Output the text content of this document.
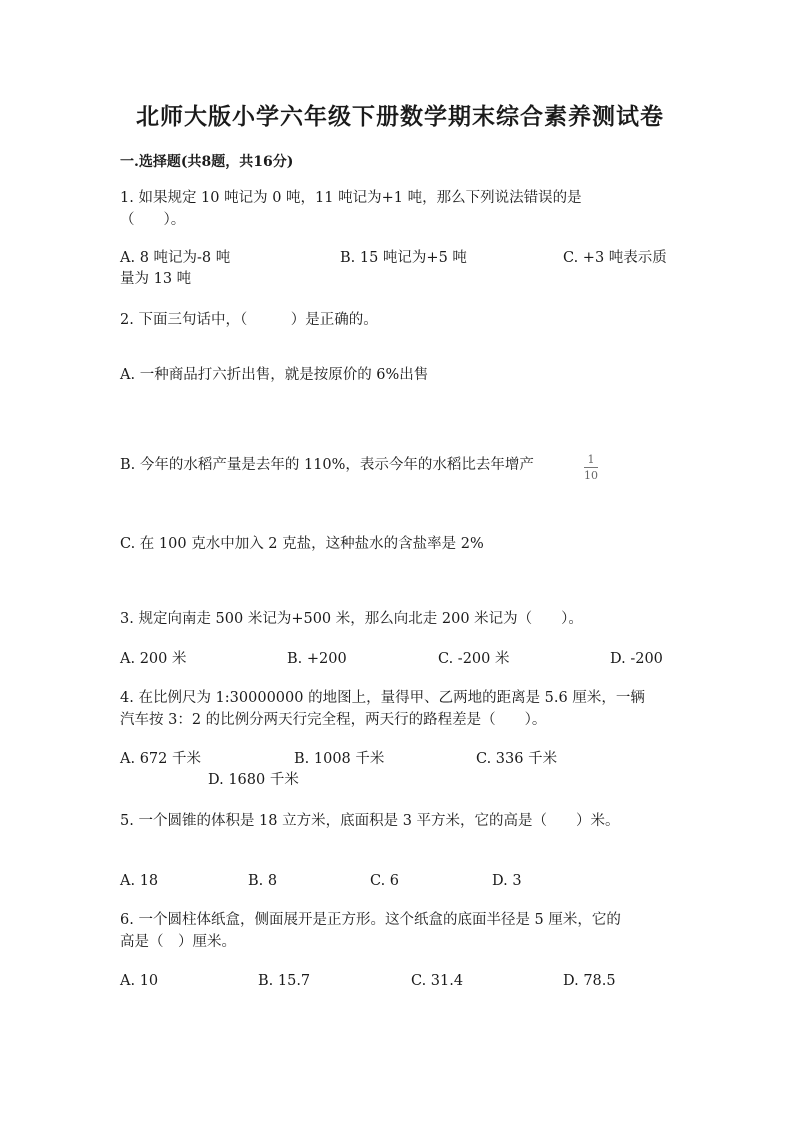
北师大版小学六年级下册数学期末综合素养测试卷
一.选择题(共8题，共16分)
1. 如果规定 10 吨记为 0 吨，11 吨记为+1 吨，那么下列说法错误的是
（　　）。
A. 8 吨记为-8 吨	B. 15 吨记为+5 吨	C. +3 吨表示质
量为 13 吨
2. 下面三句话中，（　　　）是正确的。
A. 一种商品打六折出售，就是按原价的 6%出售
B. 今年的水稻产量是去年的 110%，表示今年的水稻比去年增产	1
10
C. 在 100 克水中加入 2 克盐，这种盐水的含盐率是 2%
3. 规定向南走 500 米记为+500 米，那么向北走 200 米记为（　　）。
A. 200 米	B. +200	C. -200 米	D. -200
4. 在比例尺为 1:30000000 的地图上，量得甲、乙两地的距离是 5.6 厘米，一辆
汽车按 3：2 的比例分两天行完全程，两天行的路程差是（　　）。
A. 672 千米	B. 1008 千米	C. 336 千米
D. 1680 千米
5. 一个圆锥的体积是 18 立方米，底面积是 3 平方米，它的高是（　　）米。
A. 18	B. 8	C. 6	D. 3
6. 一个圆柱体纸盒，侧面展开是正方形。这个纸盒的底面半径是 5 厘米，它的
高是（　）厘米。
A. 10	B. 15.7	C. 31.4	D. 78.5
